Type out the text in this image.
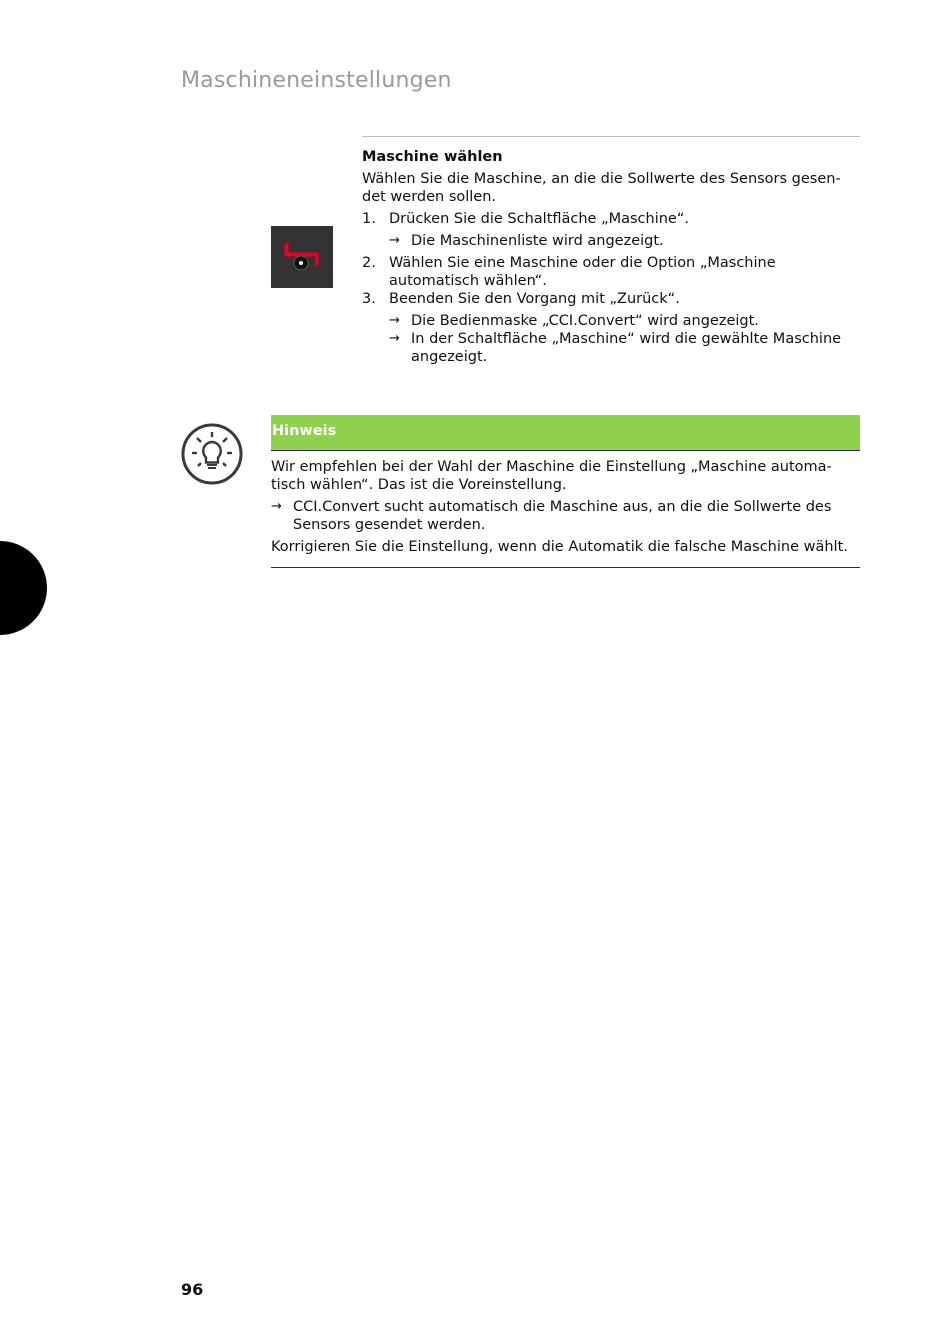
Maschineneinstellungen
Maschine wählen

Wählen Sie die Maschine, an die die Sollwerte des Sensors gesen-det werden sollen.

1. Drücken Sie die Schaltfläche „Maschine“.
→ Die Maschinenliste wird angezeigt.
2. Wählen Sie eine Maschine oder die Option „Maschine automatisch wählen“.
3. Beenden Sie den Vorgang mit „Zurück“.
→ Die Bedienmaske „CCI.Convert“ wird angezeigt.
→ In der Schaltfläche „Maschine“ wird die gewählte Maschine angezeigt.
Hinweis

Wir empfehlen bei der Wahl der Maschine die Einstellung „Maschine automa-tisch wählen“. Das ist die Voreinstellung.

→ CCI.Convert sucht automatisch die Maschine aus, an die die Sollwerte des Sensors gesendet werden.

Korrigieren Sie die Einstellung, wenn die Automatik die falsche Maschine wählt.

96
